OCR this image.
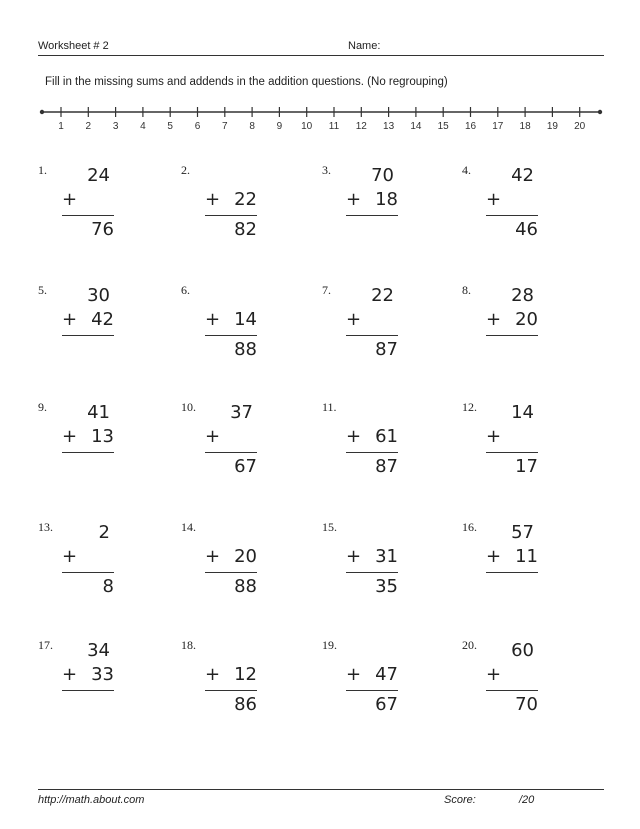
Worksheet # 2	Name:
Fill in the missing sums and addends in the addition questions. (No regrouping)
1 2 3 4 5 6 7 8 9 10 11 12 13 14 15 16 17 18 19 20
1.	24
+
76
2.
+ 22
82
3.	70
+ 18
4.	42
+
46
5.	30
+ 42
6.
+ 14
88
7.	22
+
87
8.	28
+ 20
9.	41
+ 13
10.	37
+
67
11.
+ 61
87
12.	14
+
17
13.	2
+
8
14.
+ 20
88
15.
+ 31
35
16.	57
+ 11
17.	34
+ 33
18.
+ 12
86
19.
+ 47
67
20.	60
+
70
http://math.about.com	Score:	/20
